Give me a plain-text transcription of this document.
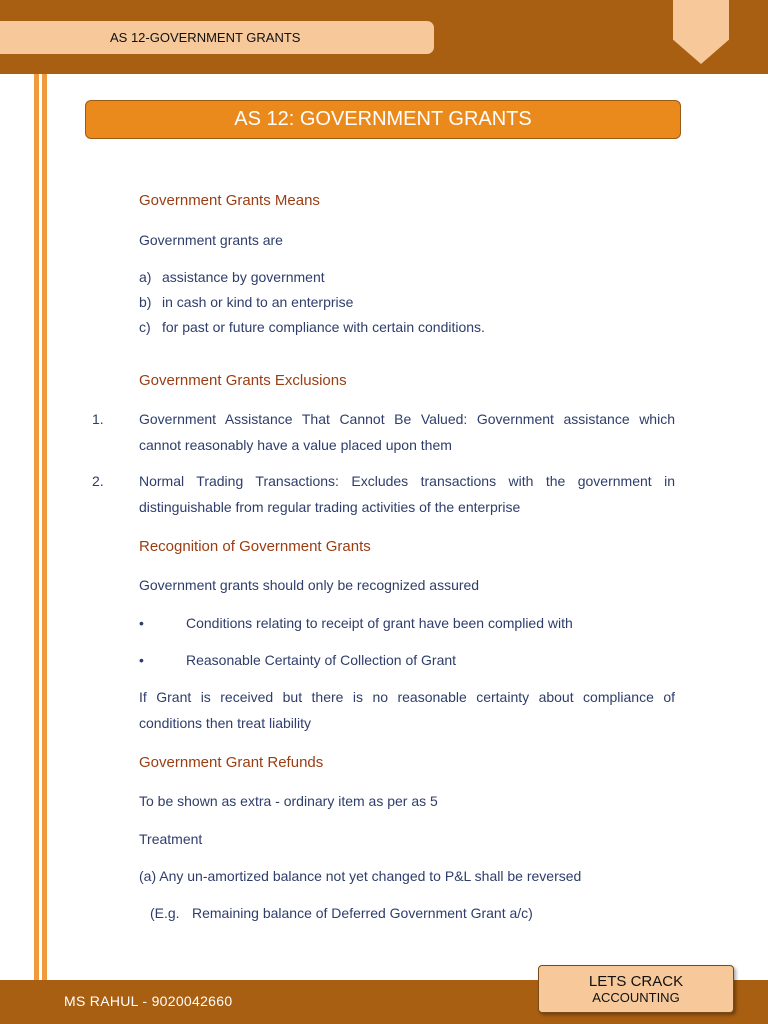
AS 12-GOVERNMENT GRANTS
AS 12: GOVERNMENT GRANTS
Government Grants Means
Government grants are
a) assistance by government
b) in cash or kind to an enterprise
c) for past or future compliance with certain conditions.
Government Grants Exclusions
1.	Government Assistance That Cannot Be Valued: Government assistance which cannot reasonably have a value placed upon them
2.	Normal Trading Transactions: Excludes transactions with the government in distinguishable from regular trading activities of the enterprise
Recognition of Government Grants
Government grants should only be recognized assured
•	Conditions relating to receipt of grant have been complied with
•	Reasonable Certainty of Collection of Grant
If Grant is received but there is no reasonable certainty about compliance of conditions then treat liability
Government Grant Refunds
To be shown as extra - ordinary item as per as 5
Treatment
(a) Any un-amortized balance not yet changed to P&L shall be reversed
(E.g. Remaining balance of Deferred Government Grant a/c)
MS RAHUL - 9020042660
LETS CRACK
ACCOUNTING
